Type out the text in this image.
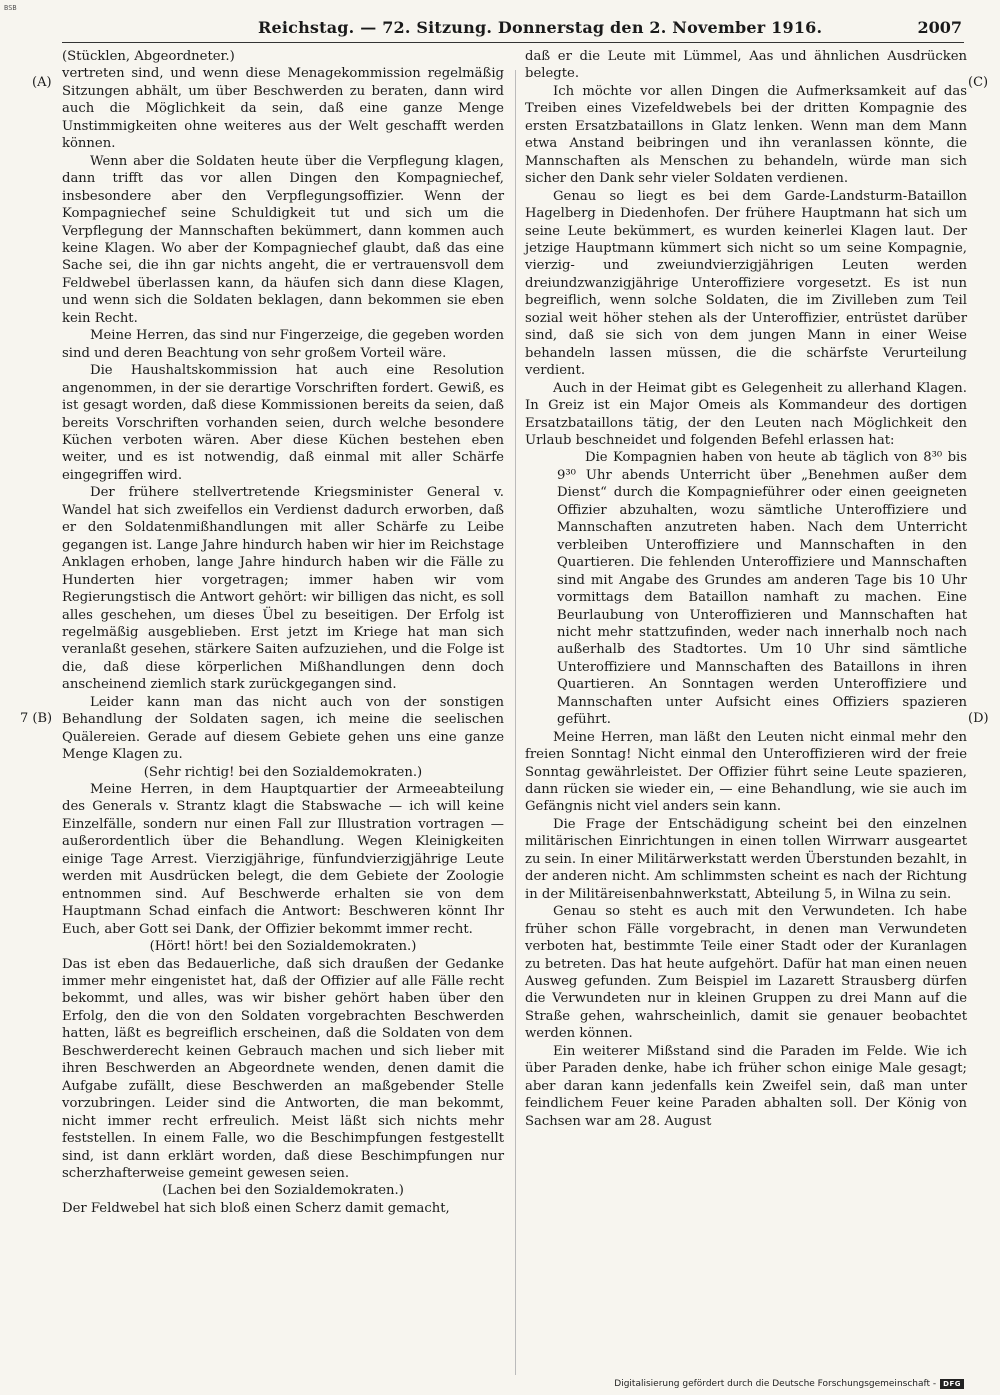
BSB
Reichstag. — 72. Sitzung. Donnerstag den 2. November 1916.	2007
(A)
7 (B)
(C)
(D)

(Stücklen, Abgeordneter.)

vertreten sind, und wenn diese Menagekommission regelmäßig Sitzungen abhält, um über Beschwerden zu beraten, dann wird auch die Möglichkeit da sein, daß eine ganze Menge Unstimmigkeiten ohne weiteres aus der Welt geschafft werden können.

Wenn aber die Soldaten heute über die Verpflegung klagen, dann trifft das vor allen Dingen den Kompagniechef, insbesondere aber den Verpflegungsoffizier. Wenn der Kompagniechef seine Schuldigkeit tut und sich um die Verpflegung der Mannschaften bekümmert, dann kommen auch keine Klagen. Wo aber der Kompagniechef glaubt, daß das eine Sache sei, die ihn gar nichts angeht, die er vertrauensvoll dem Feldwebel überlassen kann, da häufen sich dann diese Klagen, und wenn sich die Soldaten beklagen, dann bekommen sie eben kein Recht.

Meine Herren, das sind nur Fingerzeige, die gegeben worden sind und deren Beachtung von sehr großem Vorteil wäre.

Die Haushaltskommission hat auch eine Resolution angenommen, in der sie derartige Vorschriften fordert. Gewiß, es ist gesagt worden, daß diese Kommissionen bereits da seien, daß bereits Vorschriften vorhanden seien, durch welche besondere Küchen verboten wären. Aber diese Küchen bestehen eben weiter, und es ist notwendig, daß einmal mit aller Schärfe eingegriffen wird.

Der frühere stellvertretende Kriegsminister General v. Wandel hat sich zweifellos ein Verdienst dadurch erworben, daß er den Soldatenmißhandlungen mit aller Schärfe zu Leibe gegangen ist. Lange Jahre hindurch haben wir hier im Reichstage Anklagen erhoben, lange Jahre hindurch haben wir die Fälle zu Hunderten hier vorgetragen; immer haben wir vom Regierungstisch die Antwort gehört: wir billigen das nicht, es soll alles geschehen, um dieses Übel zu beseitigen. Der Erfolg ist regelmäßig ausgeblieben. Erst jetzt im Kriege hat man sich veranlaßt gesehen, stärkere Saiten aufzuziehen, und die Folge ist die, daß diese körperlichen Mißhandlungen denn doch anscheinend ziemlich stark zurückgegangen sind.

Leider kann man das nicht auch von der sonstigen Behandlung der Soldaten sagen, ich meine die seelischen Quälereien. Gerade auf diesem Gebiete gehen uns eine ganze Menge Klagen zu.

(Sehr richtig! bei den Sozialdemokraten.)

Meine Herren, in dem Hauptquartier der Armeeabteilung des Generals v. Strantz klagt die Stabswache — ich will keine Einzelfälle, sondern nur einen Fall zur Illustration vortragen — außerordentlich über die Behandlung. Wegen Kleinigkeiten einige Tage Arrest. Vierzigjährige, fünfundvierzigjährige Leute werden mit Ausdrücken belegt, die dem Gebiete der Zoologie entnommen sind. Auf Beschwerde erhalten sie von dem Hauptmann Schad einfach die Antwort: Beschweren könnt Ihr Euch, aber Gott sei Dank, der Offizier bekommt immer recht.

(Hört! hört! bei den Sozialdemokraten.)

Das ist eben das Bedauerliche, daß sich draußen der Gedanke immer mehr eingenistet hat, daß der Offizier auf alle Fälle recht bekommt, und alles, was wir bisher gehört haben über den Erfolg, den die von den Soldaten vorgebrachten Beschwerden hatten, läßt es begreiflich erscheinen, daß die Soldaten von dem Beschwerderecht keinen Gebrauch machen und sich lieber mit ihren Beschwerden an Abgeordnete wenden, denen damit die Aufgabe zufällt, diese Beschwerden an maßgebender Stelle vorzubringen. Leider sind die Antworten, die man bekommt, nicht immer recht erfreulich. Meist läßt sich nichts mehr feststellen. In einem Falle, wo die Beschimpfungen festgestellt sind, ist dann erklärt worden, daß diese Beschimpfungen nur scherzhafterweise gemeint gewesen seien.

(Lachen bei den Sozialdemokraten.)

Der Feldwebel hat sich bloß einen Scherz damit gemacht,

daß er die Leute mit Lümmel, Aas und ähnlichen Ausdrücken belegte.

Ich möchte vor allen Dingen die Aufmerksamkeit auf das Treiben eines Vizefeldwebels bei der dritten Kompagnie des ersten Ersatzbataillons in Glatz lenken. Wenn man dem Mann etwa Anstand beibringen und ihn veranlassen könnte, die Mannschaften als Menschen zu behandeln, würde man sich sicher den Dank sehr vieler Soldaten verdienen.

Genau so liegt es bei dem Garde-Landsturm-Bataillon Hagelberg in Diedenhofen. Der frühere Hauptmann hat sich um seine Leute bekümmert, es wurden keinerlei Klagen laut. Der jetzige Hauptmann kümmert sich nicht so um seine Kompagnie, vierzig- und zweiundvierzigjährigen Leuten werden dreiundzwanzigjährige Unteroffiziere vorgesetzt. Es ist nun begreiflich, wenn solche Soldaten, die im Zivilleben zum Teil sozial weit höher stehen als der Unteroffizier, entrüstet darüber sind, daß sie sich von dem jungen Mann in einer Weise behandeln lassen müssen, die die schärfste Verurteilung verdient.

Auch in der Heimat gibt es Gelegenheit zu allerhand Klagen. In Greiz ist ein Major Omeis als Kommandeur des dortigen Ersatzbataillons tätig, der den Leuten nach Möglichkeit den Urlaub beschneidet und folgenden Befehl erlassen hat:

Die Kompagnien haben von heute ab täglich von 8³⁰ bis 9³⁰ Uhr abends Unterricht über „Benehmen außer dem Dienst“ durch die Kompagnieführer oder einen geeigneten Offizier abzuhalten, wozu sämtliche Unteroffiziere und Mannschaften anzutreten haben. Nach dem Unterricht verbleiben Unteroffiziere und Mannschaften in den Quartieren. Die fehlenden Unteroffiziere und Mannschaften sind mit Angabe des Grundes am anderen Tage bis 10 Uhr vormittags dem Bataillon namhaft zu machen. Eine Beurlaubung von Unteroffizieren und Mannschaften hat nicht mehr stattzufinden, weder nach innerhalb noch nach außerhalb des Stadtortes. Um 10 Uhr sind sämtliche Unteroffiziere und Mannschaften des Bataillons in ihren Quartieren. An Sonntagen werden Unteroffiziere und Mannschaften unter Aufsicht eines Offiziers spazieren geführt.

Meine Herren, man läßt den Leuten nicht einmal mehr den freien Sonntag! Nicht einmal den Unteroffizieren wird der freie Sonntag gewährleistet. Der Offizier führt seine Leute spazieren, dann rücken sie wieder ein, — eine Behandlung, wie sie auch im Gefängnis nicht viel anders sein kann.

Die Frage der Entschädigung scheint bei den einzelnen militärischen Einrichtungen in einen tollen Wirrwarr ausgeartet zu sein. In einer Militärwerkstatt werden Überstunden bezahlt, in der anderen nicht. Am schlimmsten scheint es nach der Richtung in der Militäreisenbahnwerkstatt, Abteilung 5, in Wilna zu sein.

Genau so steht es auch mit den Verwundeten. Ich habe früher schon Fälle vorgebracht, in denen man Verwundeten verboten hat, bestimmte Teile einer Stadt oder der Kuranlagen zu betreten. Das hat heute aufgehört. Dafür hat man einen neuen Ausweg gefunden. Zum Beispiel im Lazarett Strausberg dürfen die Verwundeten nur in kleinen Gruppen zu drei Mann auf die Straße gehen, wahrscheinlich, damit sie genauer beobachtet werden können.

Ein weiterer Mißstand sind die Paraden im Felde. Wie ich über Paraden denke, habe ich früher schon einige Male gesagt; aber daran kann jedenfalls kein Zweifel sein, daß man unter feindlichem Feuer keine Paraden abhalten soll. Der König von Sachsen war am 28. August

Digitalisierung gefördert durch die Deutsche Forschungsgemeinschaft -	DFG
